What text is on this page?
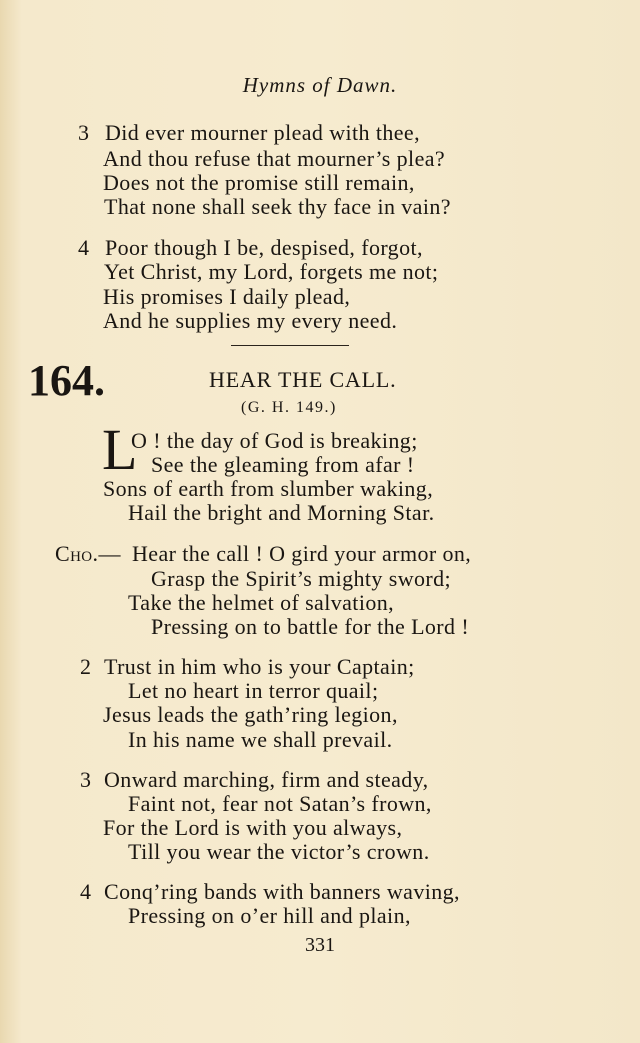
Hymns of Dawn.
3 Did ever mourner plead with thee,
And thou refuse that mourner’s plea?
Does not the promise still remain,
That none shall seek thy face in vain?
4 Poor though I be, despised, forgot,
Yet Christ, my Lord, forgets me not;
His promises I daily plead,
And he supplies my every need.
164.	HEAR THE CALL.
(G. H. 149.)
L
O ! the day of God is breaking;
See the gleaming from afar !
Sons of earth from slumber waking,
Hail the bright and Morning Star.
Cho.— Hear the call ! O gird your armor on,
Grasp the Spirit’s mighty sword;
Take the helmet of salvation,
Pressing on to battle for the Lord !
2 Trust in him who is your Captain;
Let no heart in terror quail;
Jesus leads the gath’ring legion,
In his name we shall prevail.
3 Onward marching, firm and steady,
Faint not, fear not Satan’s frown,
For the Lord is with you always,
Till you wear the victor’s crown.
4 Conq’ring bands with banners waving,
Pressing on o’er hill and plain,
331
